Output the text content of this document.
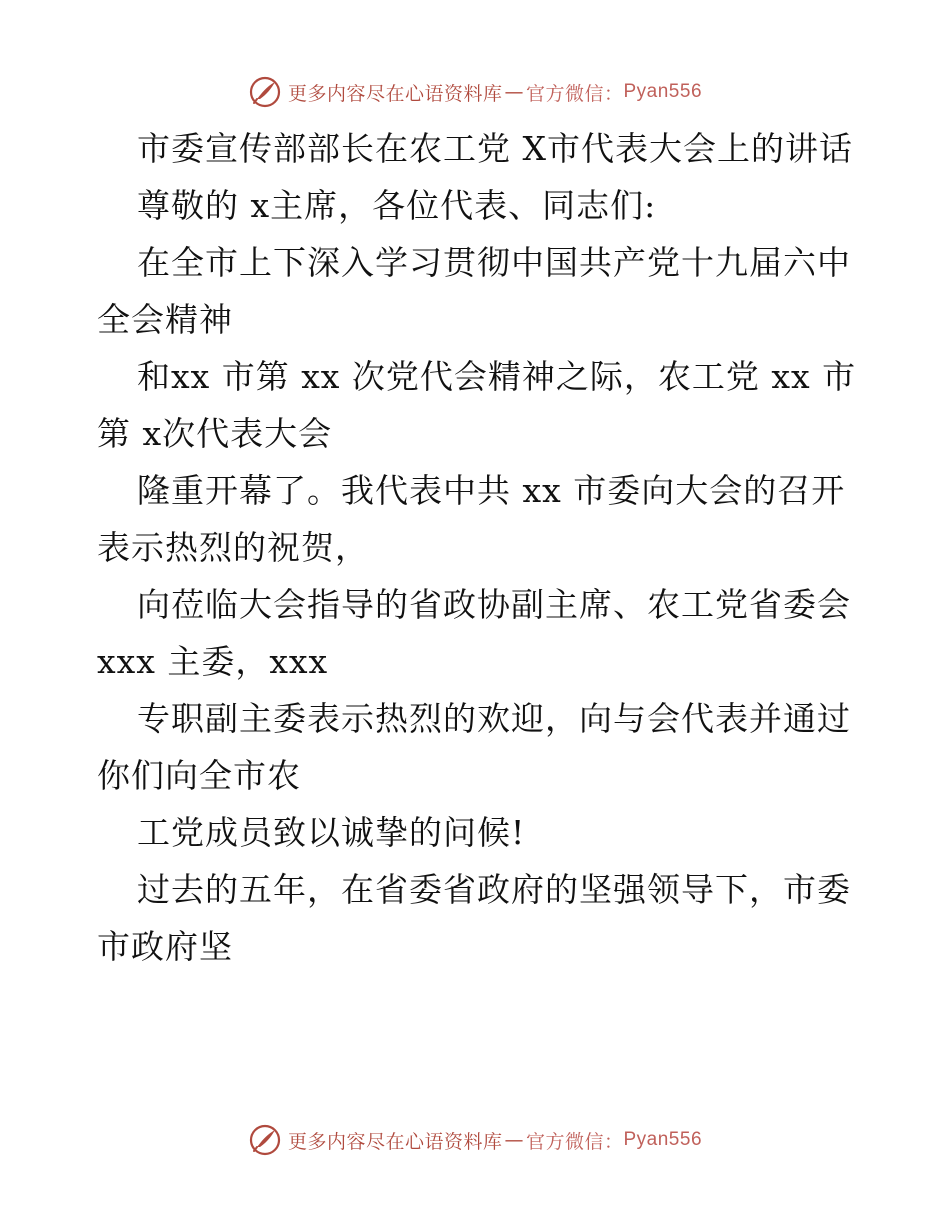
更多内容尽在心语资料库 — 官方微信： Pyan556

市委宣传部部长在农工党 X市代表大会上的讲话

尊敬的 x主席，各位代表、同志们:

在全市上下深入学习贯彻中国共产党十九届六中全会精神

和xx 市第 xx 次党代会精神之际，农工党 xx 市第 x次代表大会

隆重开幕了。我代表中共 xx 市委向大会的召开表示热烈的祝贺，

向莅临大会指导的省政协副主席、农工党省委会 xxx 主委，xxx

专职副主委表示热烈的欢迎，向与会代表并通过你们向全市农

工党成员致以诚挚的问候!

过去的五年，在省委省政府的坚强领导下，市委市政府坚

更多内容尽在心语资料库 — 官方微信： Pyan556
